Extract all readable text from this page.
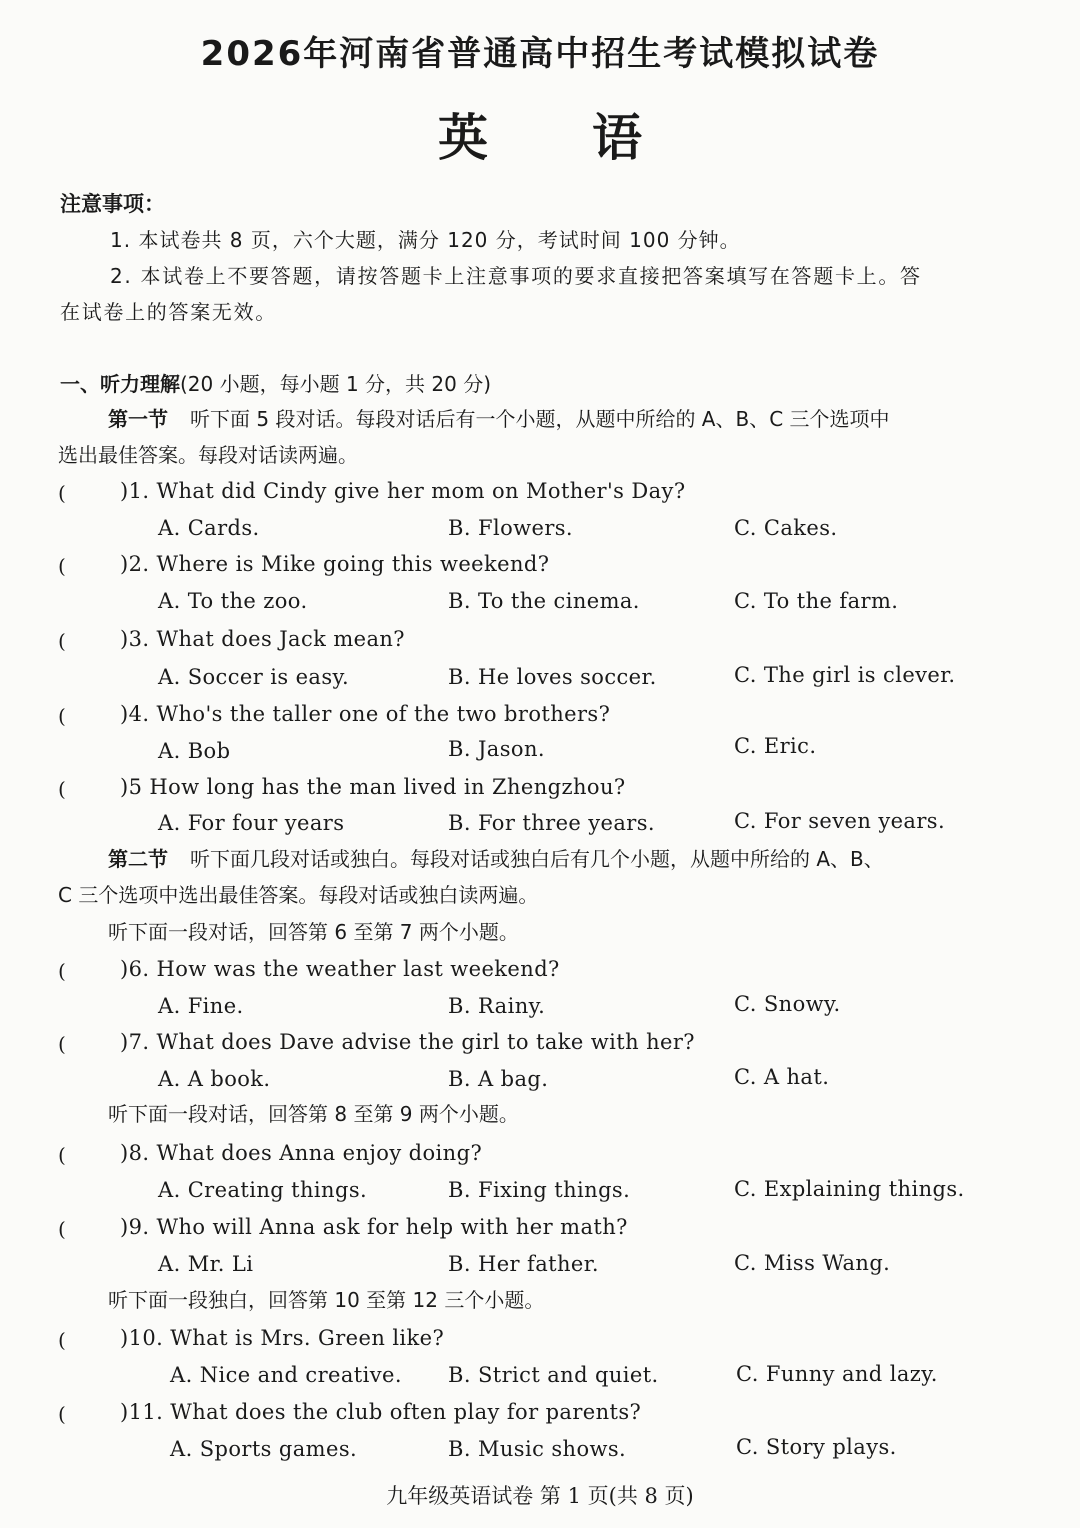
2026年河南省普通高中招生考试模拟试卷
英 语
注意事项：
1. 本试卷共 8 页，六个大题，满分 120 分，考试时间 100 分钟。
2. 本试卷上不要答题，请按答题卡上注意事项的要求直接把答案填写在答题卡上。答
在试卷上的答案无效。
一、听力理解(20 小题，每小题 1 分，共 20 分)
第一节 听下面 5 段对话。每段对话后有一个小题，从题中所给的 A、B、C 三个选项中
选出最佳答案。每段对话读两遍。
(	)1. What did Cindy give her mom on Mother's Day?
A. Cards.	B. Flowers.	C. Cakes.
(	)2. Where is Mike going this weekend?
A. To the zoo.	B. To the cinema.	C. To the farm.
(	)3. What does Jack mean?
A. Soccer is easy.	B. He loves soccer.	C. The girl is clever.
(	)4. Who's the taller one of the two brothers?
A. Bob	B. Jason.	C. Eric.
(	)5 How long has the man lived in Zhengzhou?
A. For four years	B. For three years.	C. For seven years.
第二节 听下面几段对话或独白。每段对话或独白后有几个小题，从题中所给的 A、B、
C 三个选项中选出最佳答案。每段对话或独白读两遍。
听下面一段对话，回答第 6 至第 7 两个小题。
(	)6. How was the weather last weekend?
A. Fine.	B. Rainy.	C. Snowy.
(	)7. What does Dave advise the girl to take with her?
A. A book.	B. A bag.	C. A hat.
听下面一段对话，回答第 8 至第 9 两个小题。
(	)8. What does Anna enjoy doing?
A. Creating things.	B. Fixing things.	C. Explaining things.
(	)9. Who will Anna ask for help with her math?
A. Mr. Li	B. Her father.	C. Miss Wang.
听下面一段独白，回答第 10 至第 12 三个小题。
(	)10. What is Mrs. Green like?
A. Nice and creative. B. Strict and quiet.	C. Funny and lazy.
(	)11. What does the club often play for parents?
A. Sports games.	B. Music shows.	C. Story plays.
九年级英语试卷 第 1 页(共 8 页)
